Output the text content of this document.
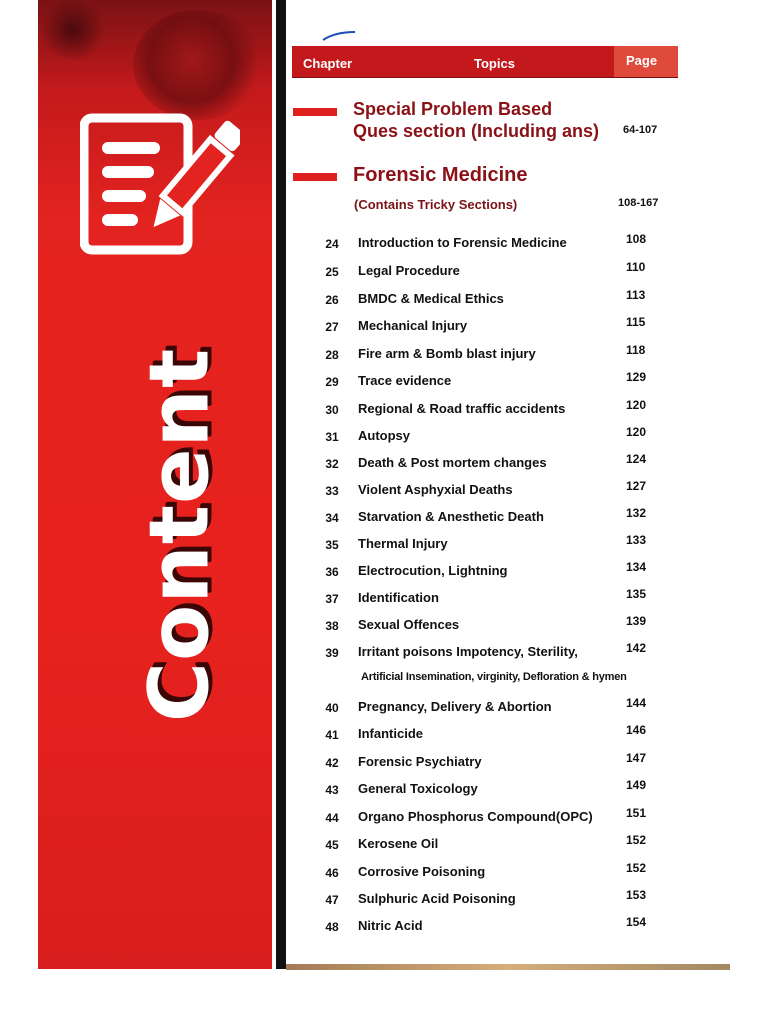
Content
Chapter	Topics	Page
Special Problem Based
Ques section (Including ans) 64-107
Forensic Medicine
(Contains Tricky Sections)	108-167
24	Introduction to Forensic Medicine	108
25	Legal Procedure	110
26	BMDC & Medical Ethics	113
27	Mechanical Injury	115
28	Fire arm & Bomb blast injury	118
29	Trace evidence	129
30	Regional & Road traffic accidents	120
31	Autopsy	120
32	Death & Post mortem changes	124
33	Violent Asphyxial Deaths	127
34	Starvation & Anesthetic Death	132
35	Thermal Injury	133
36	Electrocution, Lightning	134
37	Identification	135
38	Sexual Offences	139
39	Irritant poisons Impotency, Sterility,	142
Artificial Insemination, virginity, Defloration & hymen
40	Pregnancy, Delivery & Abortion	144
41	Infanticide	146
42	Forensic Psychiatry	147
43	General Toxicology	149
44	Organo Phosphorus Compound(OPC)	151
45	Kerosene Oil	152
46	Corrosive Poisoning	152
47	Sulphuric Acid Poisoning	153
48	Nitric Acid	154
